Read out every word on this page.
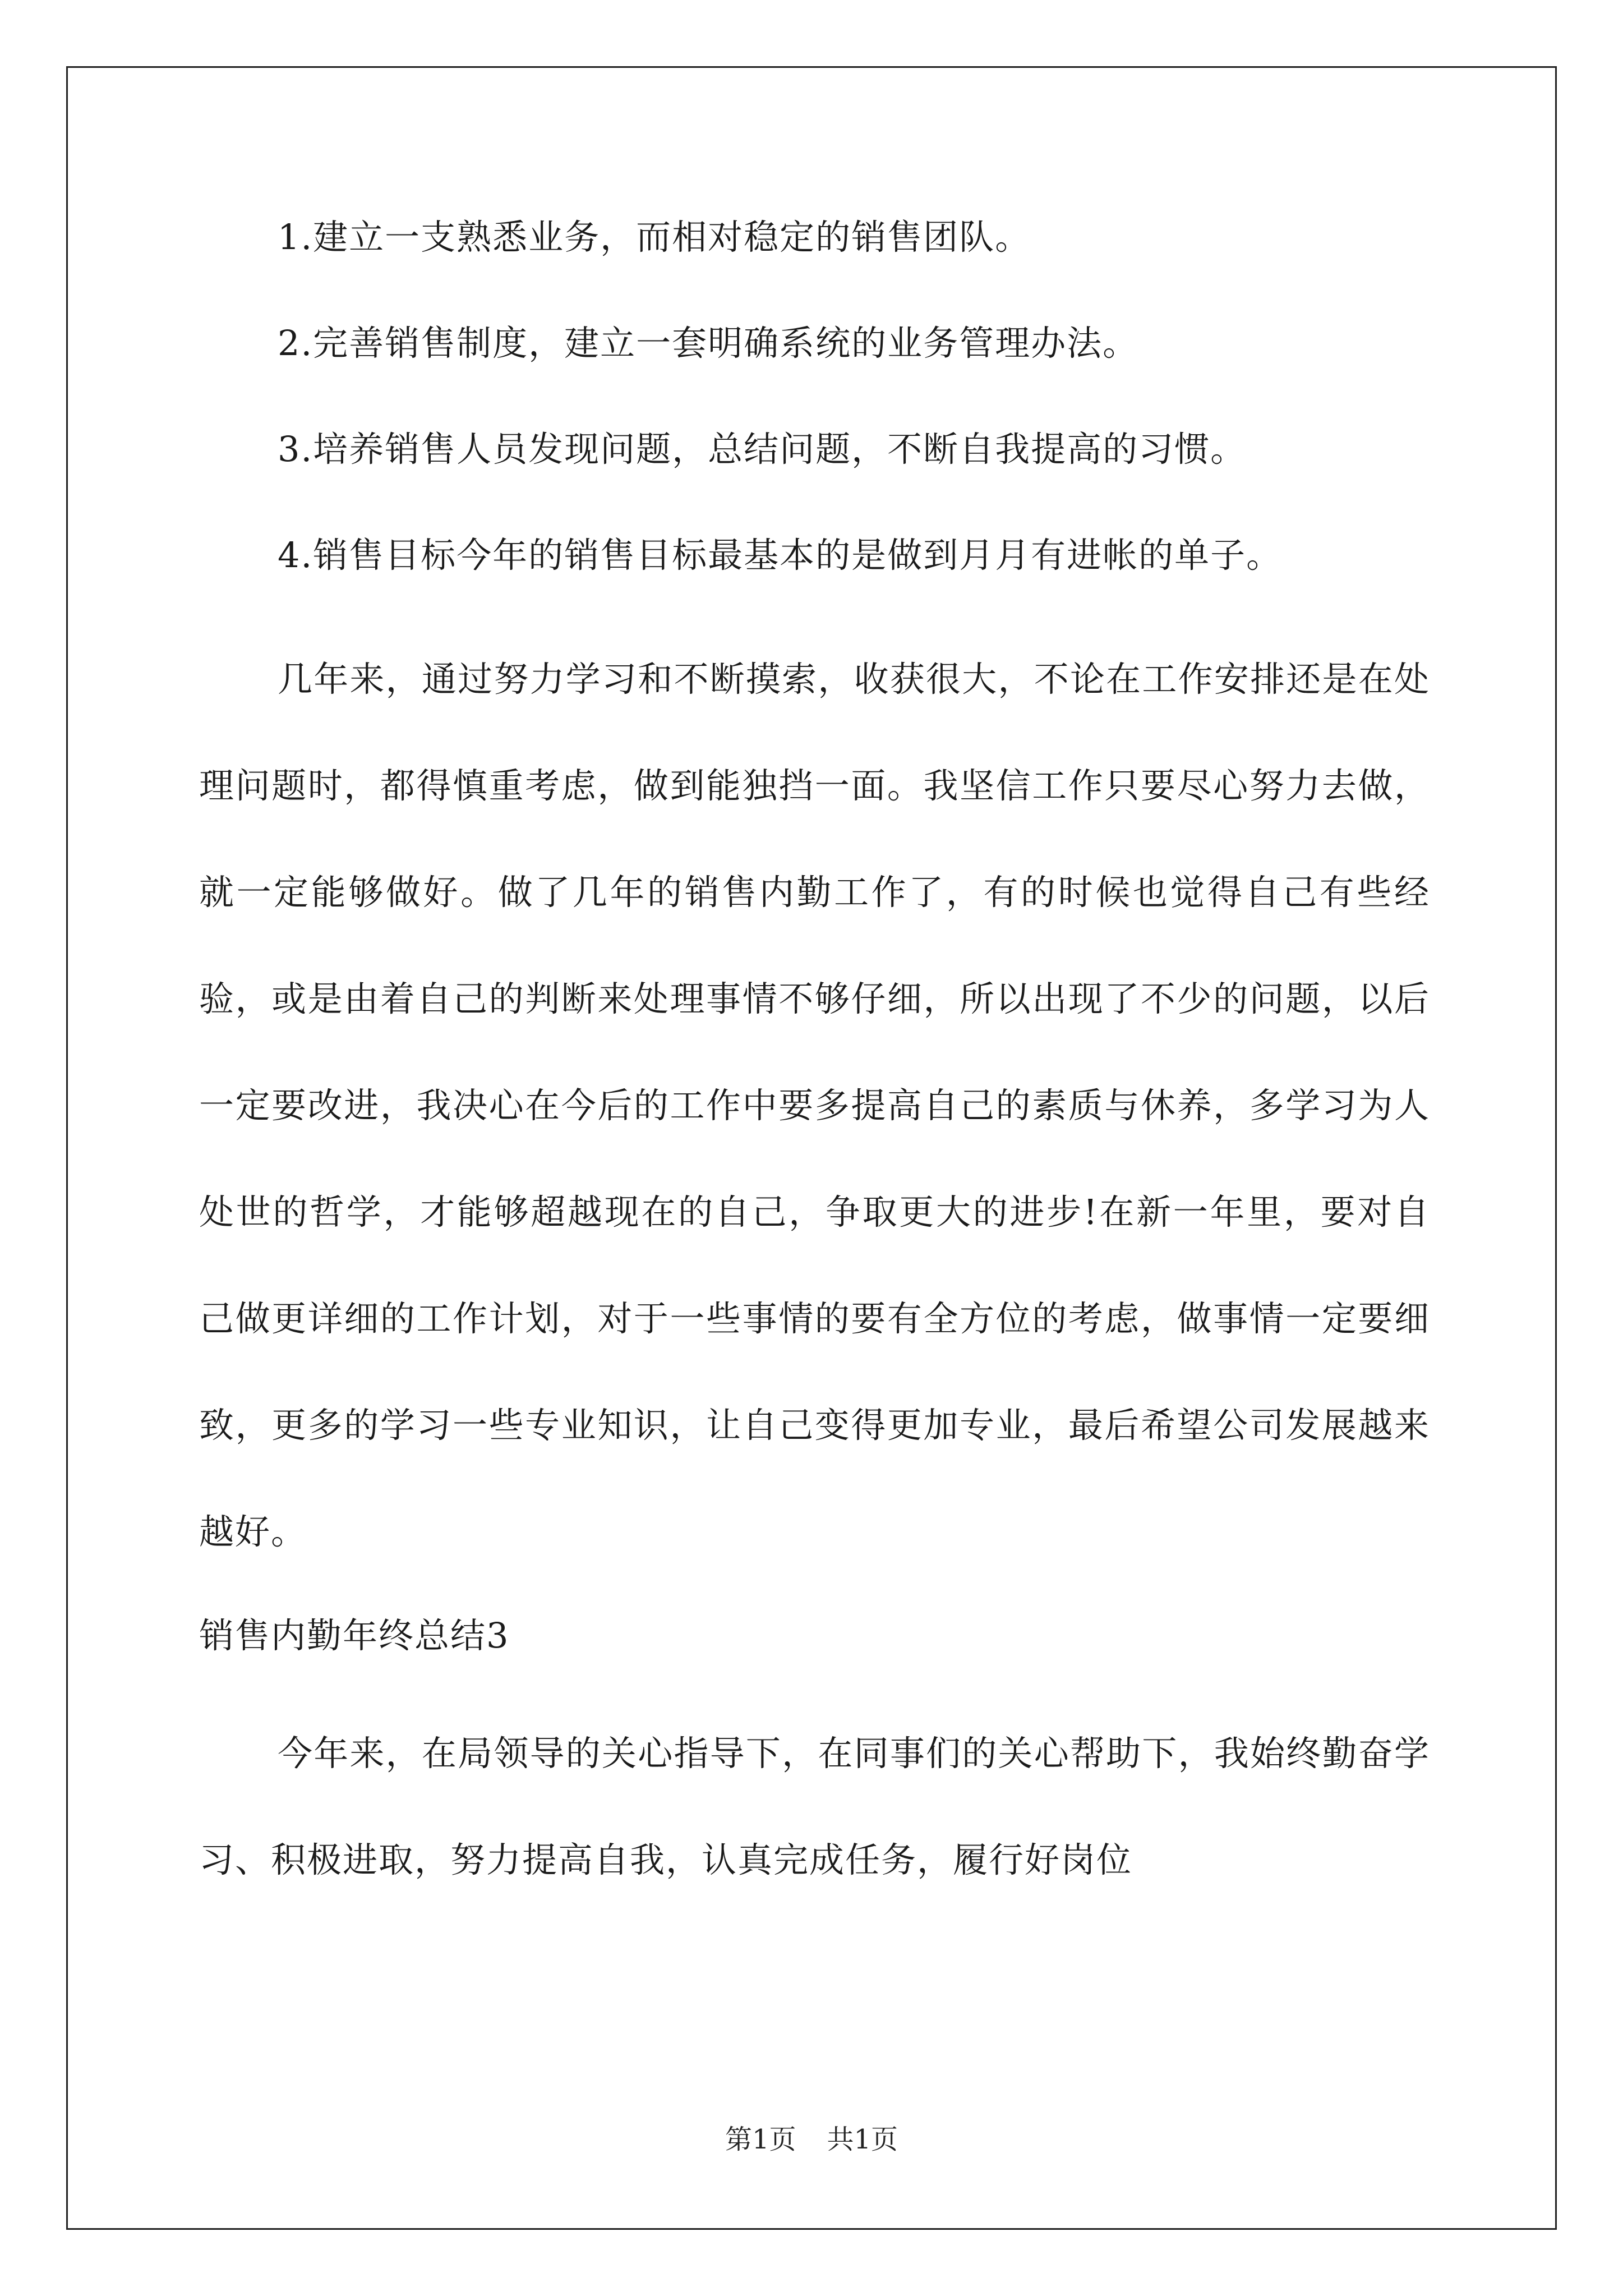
1.建立一支熟悉业务，而相对稳定的销售团队。

2.完善销售制度，建立一套明确系统的业务管理办法。

3.培养销售人员发现问题，总结问题，不断自我提高的习惯。

4.销售目标今年的销售目标最基本的是做到月月有进帐的单子。

几年来，通过努力学习和不断摸索，收获很大，不论在工作安排还是在处理问题时，都得慎重考虑，做到能独挡一面。我坚信工作只要尽心努力去做，就一定能够做好。做了几年的销售内勤工作了，有的时候也觉得自己有些经验，或是由着自己的判断来处理事情不够仔细，所以出现了不少的问题，以后一定要改进，我决心在今后的工作中要多提高自己的素质与休养，多学习为人处世的哲学，才能够超越现在的自己，争取更大的进步!在新一年里，要对自己做更详细的工作计划，对于一些事情的要有全方位的考虑，做事情一定要细致，更多的学习一些专业知识，让自己变得更加专业，最后希望公司发展越来越好。

销售内勤年终总结3

今年来，在局领导的关心指导下，在同事们的关心帮助下，我始终勤奋学习、积极进取，努力提高自我，认真完成任务，履行好岗位

第1页 共1页
